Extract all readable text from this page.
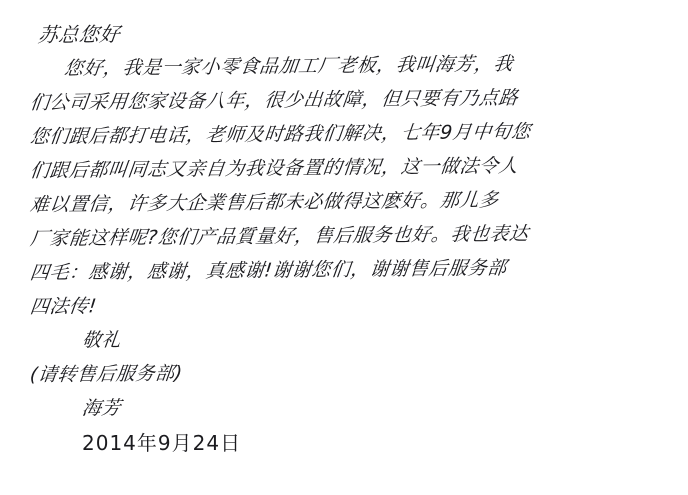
苏总您好
您好，我是一家小零食品加工厂老板，我叫海芳，我
们公司采用您家设备八年，很少出故障，但只要有乃点路
您们跟后都打电话，老师及时路我们解决，七年9月中旬您
们跟后都叫同志又亲自为我设备置的情况，这一做法令人
难以置信，许多大企業售后都未必做得这麽好。那儿多
厂家能这样呢?您们产品質量好，售后服务也好。我也表达
四毛：感谢，感谢，真感谢!谢谢您们，谢谢售后服务部
四法传!
敬礼
(请转售后服务部)
海芳
2014年9月24日
